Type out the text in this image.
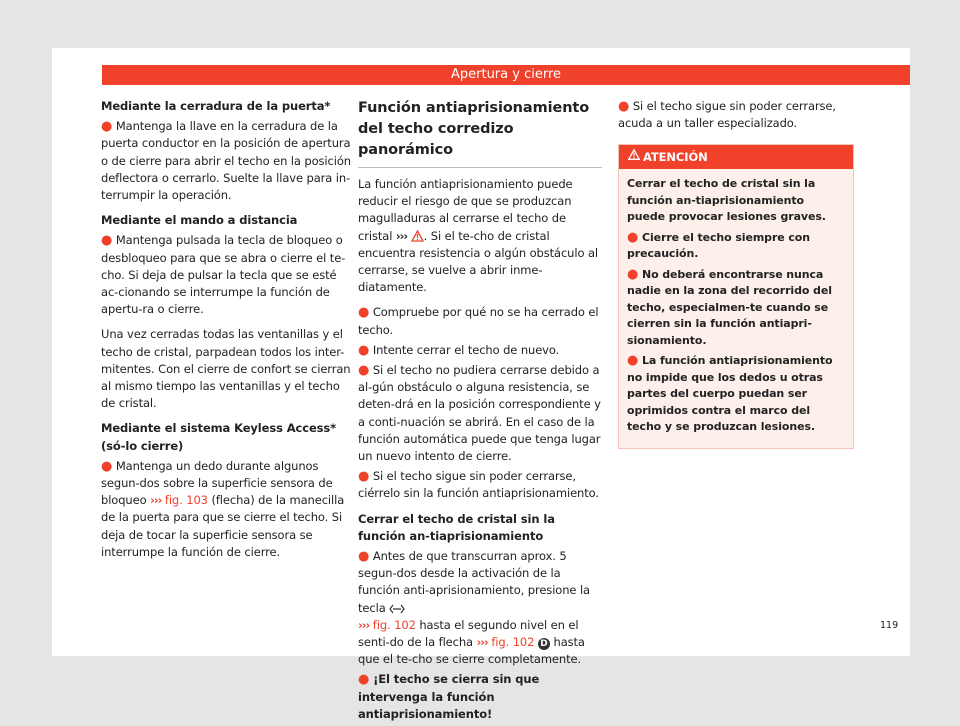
Apertura y cierre

Mediante la cerradura de la puerta*

● Mantenga la llave en la cerradura de la puerta conductor en la posición de apertura o de cierre para abrir el techo en la posición deflectora o cerrarlo. Suelte la llave para in-terrumpir la operación.

Mediante el mando a distancia

● Mantenga pulsada la tecla de bloqueo o desbloqueo para que se abra o cierre el te-cho. Si deja de pulsar la tecla que se esté ac-cionando se interrumpe la función de apertu-ra o cierre.

Una vez cerradas todas las ventanillas y el techo de cristal, parpadean todos los inter-mitentes. Con el cierre de confort se cierran al mismo tiempo las ventanillas y el techo de cristal.

Mediante el sistema Keyless Access* (só-lo cierre)

● Mantenga un dedo durante algunos segun-dos sobre la superficie sensora de bloqueo ››› fig. 103 (flecha) de la manecilla de la puerta para que se cierre el techo. Si deja de tocar la superficie sensora se interrumpe la función de cierre.

Función antiaprisionamiento del techo corredizo panorámico

La función antiaprisionamiento puede reducir el riesgo de que se produzcan magulladuras al cerrarse el techo de cristal ››› . Si el te-cho de cristal encuentra resistencia o algún obstáculo al cerrarse, se vuelve a abrir inme-diatamente.

● Compruebe por qué no se ha cerrado el techo.

● Intente cerrar el techo de nuevo.

● Si el techo no pudiera cerrarse debido a al-gún obstáculo o alguna resistencia, se deten-drá en la posición correspondiente y a conti-nuación se abrirá. En el caso de la función automática puede que tenga lugar un nuevo intento de cierre.

● Si el techo sigue sin poder cerrarse, ciérrelo sin la función antiaprisionamiento.

Cerrar el techo de cristal sin la función an-tiaprisionamiento

● Antes de que transcurran aprox. 5 segun-dos desde la activación de la función anti-aprisionamiento, presione la tecla
››› fig. 102 hasta el segundo nivel en el senti-do de la flecha ››› fig. 102 D hasta que el te-cho se cierre completamente.

● ¡El techo se cierra sin que intervenga la función antiaprisionamiento!

● Si el techo sigue sin poder cerrarse, acuda a un taller especializado.

ATENCIÓN

Cerrar el techo de cristal sin la función an-tiaprisionamiento puede provocar lesiones graves.

● Cierre el techo siempre con precaución.

● No deberá encontrarse nunca nadie en la zona del recorrido del techo, especialmen-te cuando se cierren sin la función antiapri-sionamiento.

● La función antiaprisionamiento no impide que los dedos u otras partes del cuerpo puedan ser oprimidos contra el marco del techo y se produzcan lesiones.

119
